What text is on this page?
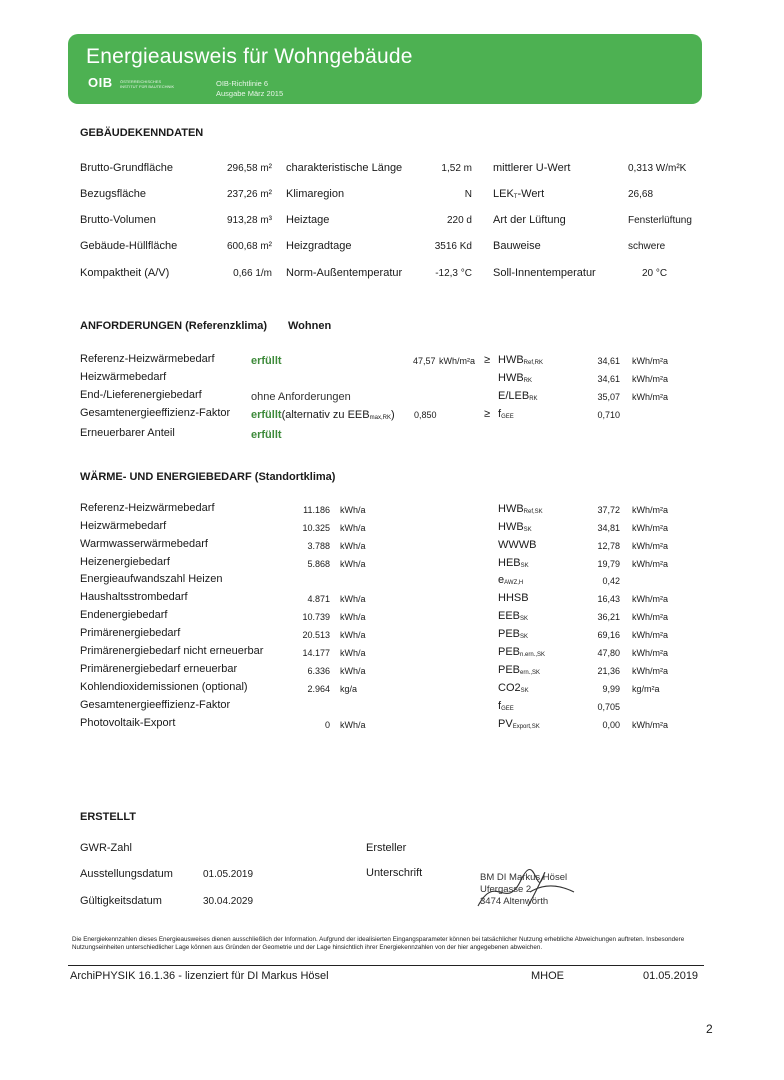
Energieausweis für Wohngebäude
OIB ÖSTERREICHISCHES
INSTITUT FÜR BAUTECHNIK	OIB-Richtlinie 6
Ausgabe März 2015
GEBÄUDEKENNDATEN
Brutto-Grundfläche	296,58 m²
Bezugsfläche	237,26 m²
Brutto-Volumen	913,28 m³
Gebäude-Hüllfläche	600,68 m²
Kompaktheit (A/V)	0,66 1/m
charakteristische Länge	1,52 m
Klimaregion	N
Heiztage	220 d
Heizgradtage	3516 Kd
Norm-Außentemperatur	-12,3 °C
mittlerer U-Wert	0,313 W/m²K
LEKT-Wert	26,68
Art der Lüftung	Fensterlüftung
Bauweise	schwere
Soll-Innentemperatur	20 °C
ANFORDERUNGEN (Referenzklima) Wohnen
Referenz-Heizwärmebedarf	erfüllt	47,57 kWh/m²a ≥ HWBRef,RK	34,61 kWh/m²a
Heizwärmebedarf	HWBRK	34,61 kWh/m²a
End-/Lieferenergiebedarf	ohne Anforderungen	E/LEBRK	35,07 kWh/m²a
Gesamtenergieeffizienz-Faktor erfüllt(alternativ zu EEBmax,RK) 0,850	≥ fGEE	0,710
Erneuerbarer Anteil	erfüllt
WÄRME- UND ENERGIEBEDARF (Standortklima)
Referenz-Heizwärmebedarf	11.186 kWh/a	HWBRef,SK	37,72 kWh/m²a
Heizwärmebedarf	10.325 kWh/a	HWBSK	34,81 kWh/m²a
Warmwasserwärmebedarf	3.788 kWh/a	WWWB	12,78 kWh/m²a
Heizenergiebedarf	5.868 kWh/a	HEBSK	19,79 kWh/m²a
Energieaufwandszahl Heizen	eAWZ,H	0,42
Haushaltsstrombedarf	4.871 kWh/a	HHSB	16,43 kWh/m²a
Endenergiebedarf	10.739 kWh/a	EEBSK	36,21 kWh/m²a
Primärenergiebedarf	20.513 kWh/a	PEBSK	69,16 kWh/m²a
Primärenergiebedarf nicht erneuerbar	14.177 kWh/a	PEBn.ern.,SK	47,80 kWh/m²a
Primärenergiebedarf erneuerbar	6.336 kWh/a	PEBern.,SK	21,36 kWh/m²a
Kohlendioxidemissionen (optional)	2.964 kg/a	CO2SK	9,99 kg/m²a
Gesamtenergieeffizienz-Faktor	fGEE	0,705
Photovoltaik-Export	0 kWh/a	PVExport,SK	0,00 kWh/m²a
ERSTELLT
GWR-Zahl
Ausstellungsdatum	01.05.2019
Gültigkeitsdatum	30.04.2029
Ersteller
Unterschrift	BM DI Markus Hösel
Ufergasse 2
3474 Altenwörth
Die Energiekennzahlen dieses Energieausweises dienen ausschließlich der Information. Aufgrund der idealisierten Eingangsparameter können bei tatsächlicher Nutzung erhebliche Abweichungen auftreten. Insbesondere Nutzungseinheiten unterschiedlicher Lage können aus Gründen der Geometrie und der Lage hinsichtlich ihrer Energiekennzahlen von der hier angegebenen abweichen.
ArchiPHYSIK 16.1.36 - lizenziert für DI Markus Hösel	MHOE	01.05.2019
2
